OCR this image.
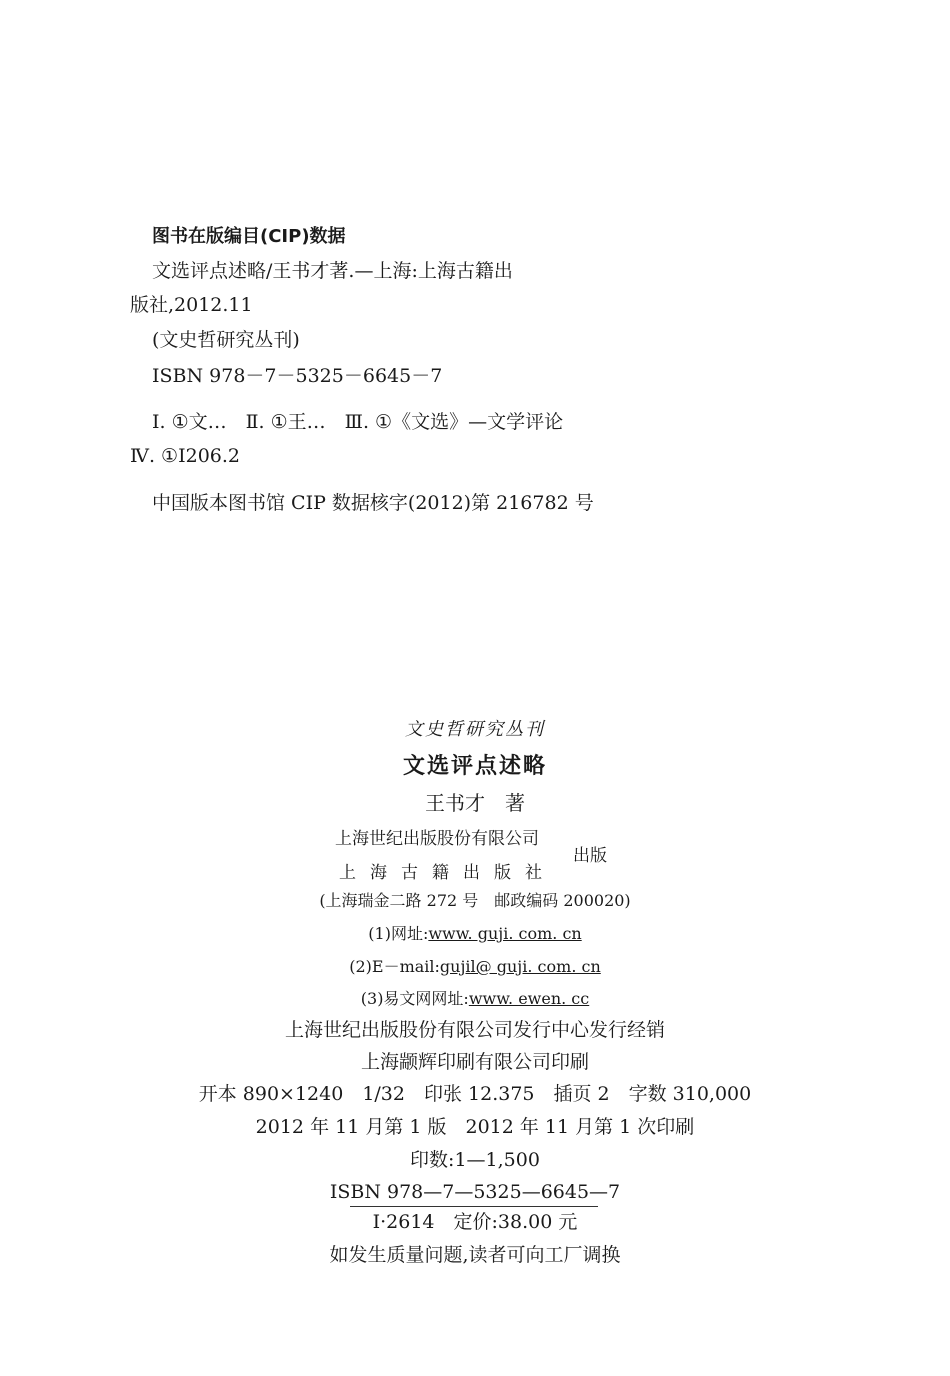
图书在版编目(CIP)数据
文选评点述略/王书才著.—上海:上海古籍出
版社,2012.11
(文史哲研究丛刊)
ISBN 978－7－5325－6645－7
Ⅰ. ①文…　Ⅱ. ①王…　Ⅲ. ①《文选》—文学评论
Ⅳ. ①I206.2
中国版本图书馆 CIP 数据核字(2012)第 216782 号
文史哲研究丛刊
文选评点述略
王书才　著
上海世纪出版股份有限公司
上海古籍出版社
出版
(上海瑞金二路 272 号　邮政编码 200020)
(1)网址:www. guji. com. cn
(2)E－mail:gujil@ guji. com. cn
(3)易文网网址:www. ewen. cc
上海世纪出版股份有限公司发行中心发行经销
上海颛辉印刷有限公司印刷
开本 890×1240　1/32　印张 12.375　插页 2　字数 310,000
2012 年 11 月第 1 版　2012 年 11 月第 1 次印刷
印数:1—1,500
ISBN 978—7—5325—6645—7
I·2614　定价:38.00 元
如发生质量问题,读者可向工厂调换
